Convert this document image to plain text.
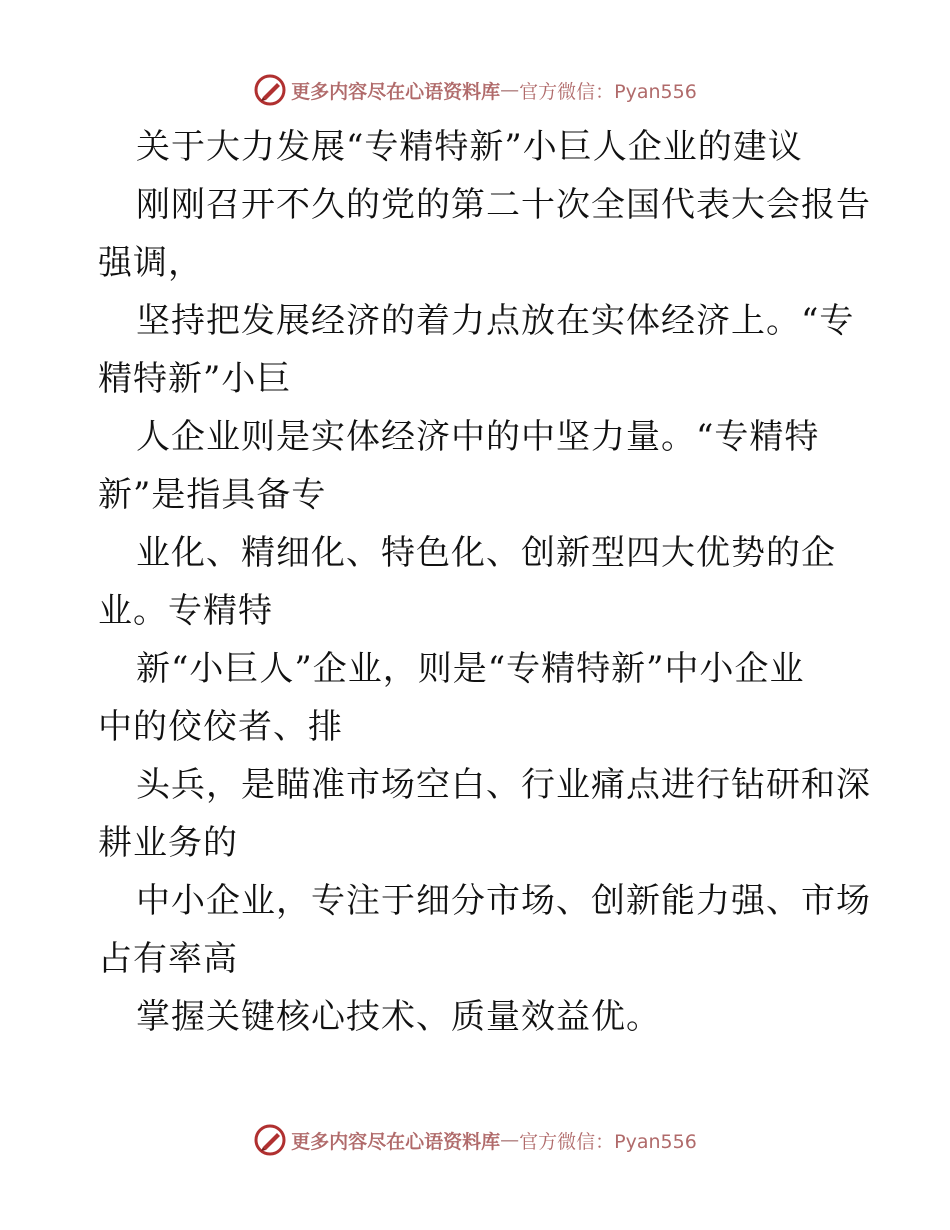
更多内容尽在心语资料库 — 官方微信：Pyan556
关于大力发展“专精特新”小巨人企业的建议
刚刚召开不久的党的第二十次全国代表大会报告
强调，
坚持把发展经济的着力点放在实体经济上。“专
精特新”小巨
人企业则是实体经济中的中坚力量。“专精特
新”是指具备专
业化、精细化、特色化、创新型四大优势的企
业。专精特
新“小巨人”企业，则是“专精特新”中小企业
中的佼佼者、排
头兵，是瞄准市场空白、行业痛点进行钻研和深
耕业务的
中小企业，专注于细分市场、创新能力强、市场
占有率高
掌握关键核心技术、质量效益优。
更多内容尽在心语资料库 — 官方微信：Pyan556
